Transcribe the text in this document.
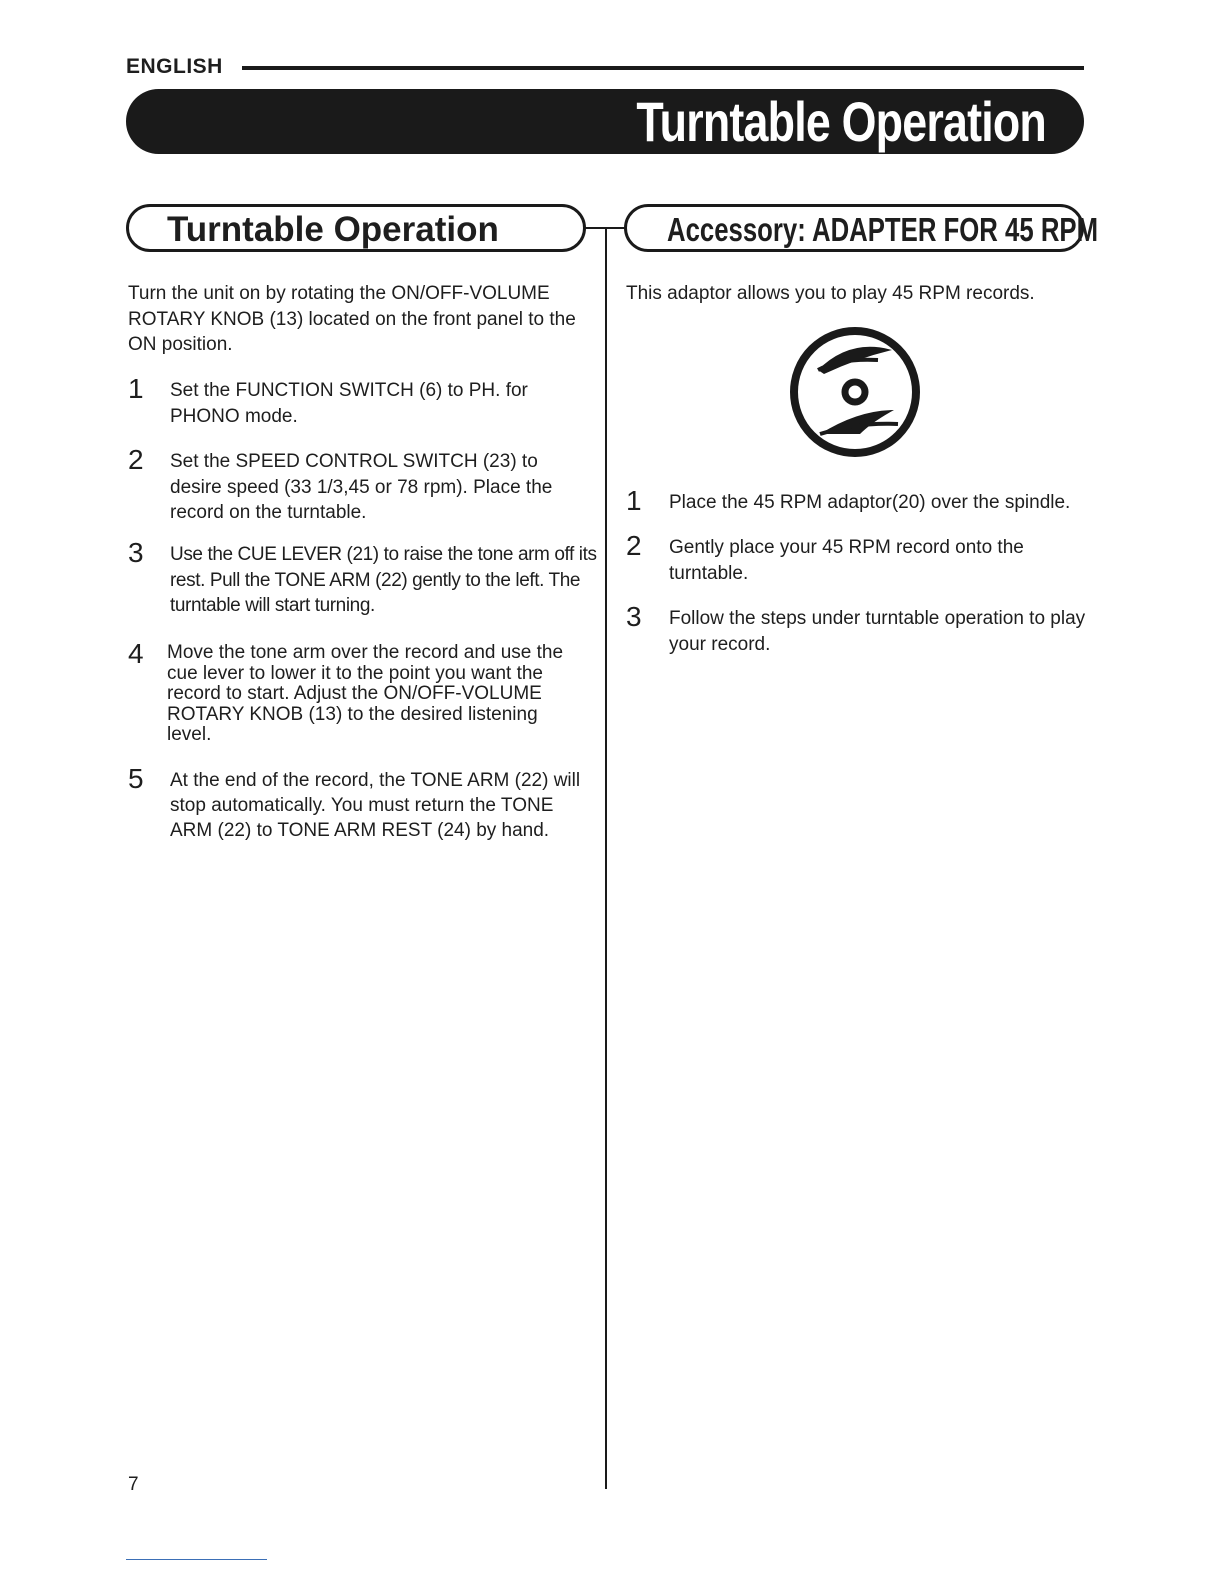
ENGLISH
Turntable Operation
Turntable Operation	Accessory: ADAPTER FOR 45 RPM
Turn the unit on by rotating the ON/OFF-VOLUME ROTARY KNOB (13) located on the front panel to the ON position.
1 Set the FUNCTION SWITCH (6) to PH. for PHONO mode.
2 Set the SPEED CONTROL SWITCH (23) to desire speed (33 1/3,45 or 78 rpm). Place the record on the turntable.
3 Use the CUE LEVER (21) to raise the tone arm off its rest. Pull the TONE ARM (22) gently to the left. The turntable will start turning.
4 Move the tone arm over the record and use the cue lever to lower it to the point you want the record to start. Adjust the ON/OFF-VOLUME ROTARY KNOB (13) to the desired listening level.
5 At the end of the record, the TONE ARM (22) will stop automatically. You must return the TONE ARM (22) to TONE ARM REST (24) by hand.
This adaptor allows you to play 45 RPM records.
1 Place the 45 RPM adaptor(20) over the spindle.
2 Gently place your 45 RPM record onto the turntable.
3 Follow the steps under turntable operation to play your record.
7
